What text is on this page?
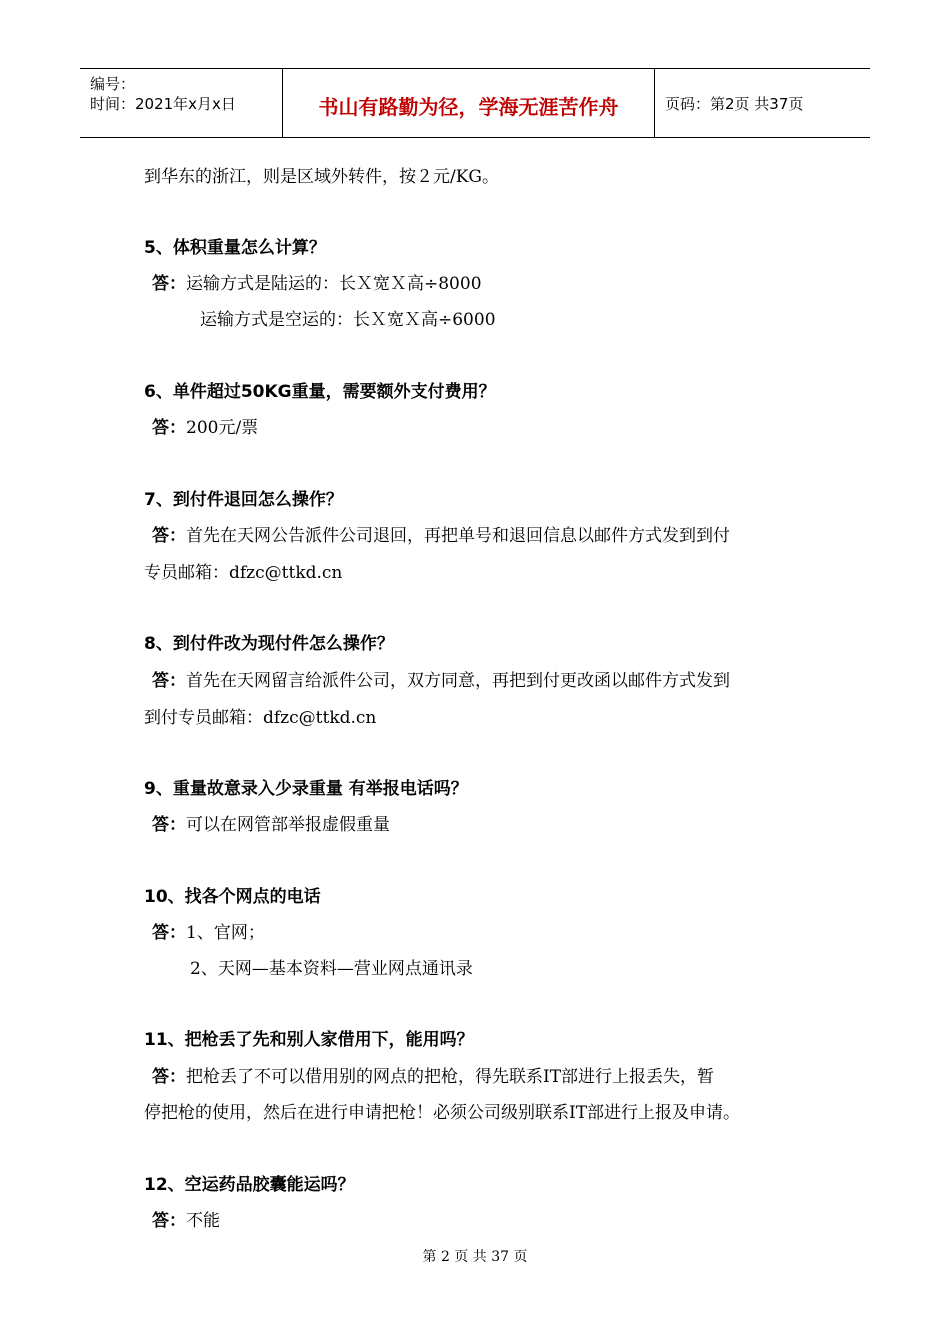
编号：
时间：2021年x月x日	书山有路勤为径，学海无涯苦作舟	页码：第2页 共37页
到华东的浙江，则是区域外转件，按２元/KG。
5、体积重量怎么计算？
答：运输方式是陆运的：长Ｘ宽Ｘ高÷8000
运输方式是空运的：长Ｘ宽Ｘ高÷6000
6、单件超过50KG重量，需要额外支付费用？
答：200元/票
7、到付件退回怎么操作？
答：首先在天网公告派件公司退回，再把单号和退回信息以邮件方式发到到付
专员邮箱：dfzc@ttkd.cn
8、到付件改为现付件怎么操作？
答：首先在天网留言给派件公司，双方同意，再把到付更改函以邮件方式发到
到付专员邮箱：dfzc@ttkd.cn
9、重量故意录入少录重量 有举报电话吗？
答：可以在网管部举报虚假重量
10、找各个网点的电话
答：1、官网；
2、天网—基本资料—营业网点通讯录
11、把枪丢了先和别人家借用下，能用吗？
答：把枪丢了不可以借用别的网点的把枪，得先联系IT部进行上报丢失，暂
停把枪的使用，然后在进行申请把枪！必须公司级别联系IT部进行上报及申请。
12、空运药品胶囊能运吗？
答：不能
第 2 页 共 37 页
